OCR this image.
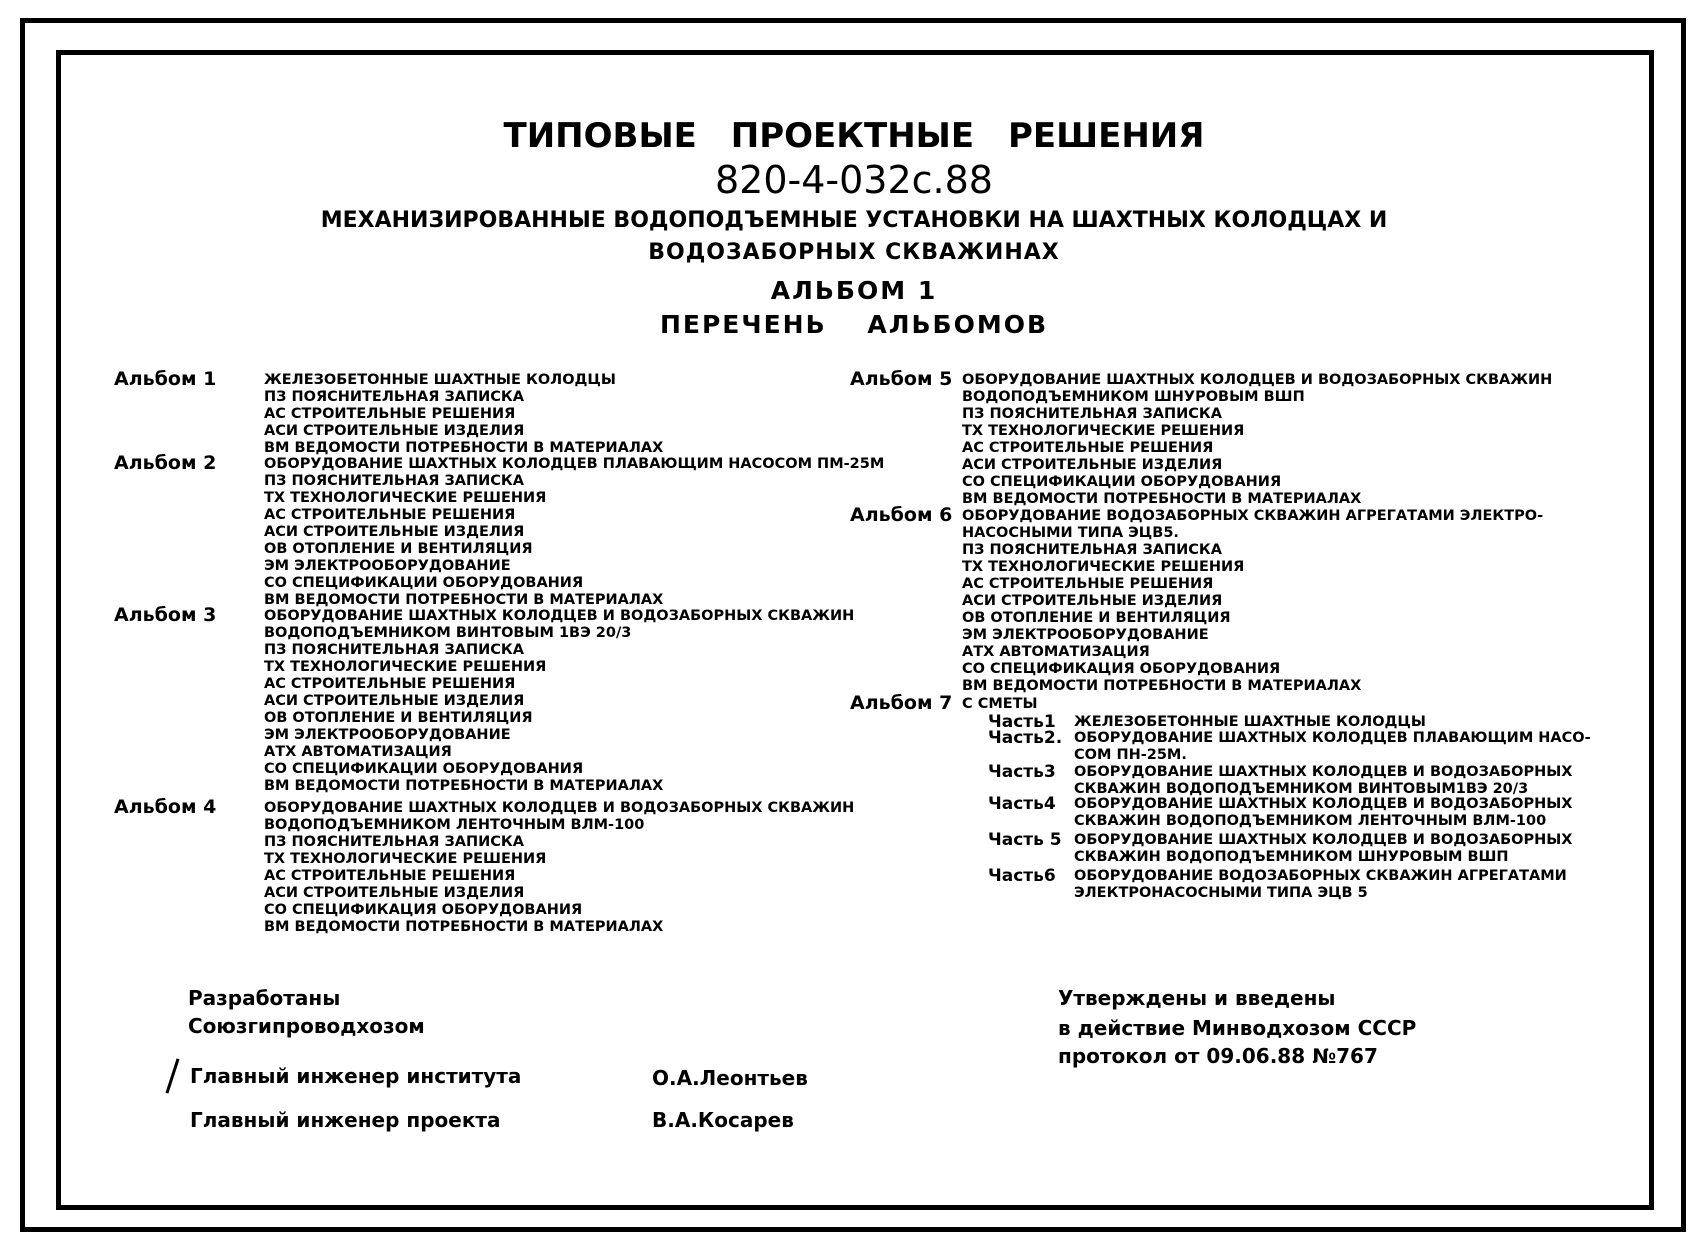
ТИПОВЫЕ ПРОЕКТНЫЕ РЕШЕНИЯ
820-4-032с.88
МЕХАНИЗИРОВАННЫЕ ВОДОПОДЪЕМНЫЕ УСТАНОВКИ НА ШАХТНЫХ КОЛОДЦАХ И
ВОДОЗАБОРНЫХ СКВАЖИНАХ
АЛЬБОМ 1
ПЕРЕЧЕНЬ АЛЬБОМОВ
Альбом 1	ЖЕЛЕЗОБЕТОННЫЕ ШАХТНЫЕ КОЛОДЦЫ
ПЗ ПОЯСНИТЕЛЬНАЯ ЗАПИСКА
АС СТРОИТЕЛЬНЫЕ РЕШЕНИЯ
АСИ СТРОИТЕЛЬНЫЕ ИЗДЕЛИЯ
ВМ ВЕДОМОСТИ ПОТРЕБНОСТИ В МАТЕРИАЛАХ
Альбом 2	ОБОРУДОВАНИЕ ШАХТНЫХ КОЛОДЦЕВ ПЛАВАЮЩИМ НАСОСОМ ПМ-25М
ПЗ ПОЯСНИТЕЛЬНАЯ ЗАПИСКА
ТХ ТЕХНОЛОГИЧЕСКИЕ РЕШЕНИЯ
АС СТРОИТЕЛЬНЫЕ РЕШЕНИЯ
АСИ СТРОИТЕЛЬНЫЕ ИЗДЕЛИЯ
ОВ ОТОПЛЕНИЕ И ВЕНТИЛЯЦИЯ
ЭМ ЭЛЕКТРООБОРУДОВАНИЕ
СО СПЕЦИФИКАЦИИ ОБОРУДОВАНИЯ
ВМ ВЕДОМОСТИ ПОТРЕБНОСТИ В МАТЕРИАЛАХ
Альбом 3	ОБОРУДОВАНИЕ ШАХТНЫХ КОЛОДЦЕВ И ВОДОЗАБОРНЫХ СКВАЖИН
ВОДОПОДЪЕМНИКОМ ВИНТОВЫМ 1ВЭ 20/3
ПЗ ПОЯСНИТЕЛЬНАЯ ЗАПИСКА
ТХ ТЕХНОЛОГИЧЕСКИЕ РЕШЕНИЯ
АС СТРОИТЕЛЬНЫЕ РЕШЕНИЯ
АСИ СТРОИТЕЛЬНЫЕ ИЗДЕЛИЯ
ОВ ОТОПЛЕНИЕ И ВЕНТИЛЯЦИЯ
ЭМ ЭЛЕКТРООБОРУДОВАНИЕ
АТХ АВТОМАТИЗАЦИЯ
СО СПЕЦИФИКАЦИИ ОБОРУДОВАНИЯ
ВМ ВЕДОМОСТИ ПОТРЕБНОСТИ В МАТЕРИАЛАХ
Альбом 4	ОБОРУДОВАНИЕ ШАХТНЫХ КОЛОДЦЕВ И ВОДОЗАБОРНЫХ СКВАЖИН
ВОДОПОДЪЕМНИКОМ ЛЕНТОЧНЫМ ВЛМ-100
ПЗ ПОЯСНИТЕЛЬНАЯ ЗАПИСКА
ТХ ТЕХНОЛОГИЧЕСКИЕ РЕШЕНИЯ
АС СТРОИТЕЛЬНЫЕ РЕШЕНИЯ
АСИ СТРОИТЕЛЬНЫЕ ИЗДЕЛИЯ
СО СПЕЦИФИКАЦИЯ ОБОРУДОВАНИЯ
ВМ ВЕДОМОСТИ ПОТРЕБНОСТИ В МАТЕРИАЛАХ
Альбом 5 ОБОРУДОВАНИЕ ШАХТНЫХ КОЛОДЦЕВ И ВОДОЗАБОРНЫХ СКВАЖИН
ВОДОПОДЪЕМНИКОМ ШНУРОВЫМ ВШП
ПЗ ПОЯСНИТЕЛЬНАЯ ЗАПИСКА
ТХ ТЕХНОЛОГИЧЕСКИЕ РЕШЕНИЯ
АС СТРОИТЕЛЬНЫЕ РЕШЕНИЯ
АСИ СТРОИТЕЛЬНЫЕ ИЗДЕЛИЯ
СО СПЕЦИФИКАЦИИ ОБОРУДОВАНИЯ
ВМ ВЕДОМОСТИ ПОТРЕБНОСТИ В МАТЕРИАЛАХ
Альбом 6 ОБОРУДОВАНИЕ ВОДОЗАБОРНЫХ СКВАЖИН АГРЕГАТАМИ ЭЛЕКТРО-
НАСОСНЫМИ ТИПА ЭЦВ5.
ПЗ ПОЯСНИТЕЛЬНАЯ ЗАПИСКА
ТХ ТЕХНОЛОГИЧЕСКИЕ РЕШЕНИЯ
АС СТРОИТЕЛЬНЫЕ РЕШЕНИЯ
АСИ СТРОИТЕЛЬНЫЕ ИЗДЕЛИЯ
ОВ ОТОПЛЕНИЕ И ВЕНТИЛЯЦИЯ
ЭМ ЭЛЕКТРООБОРУДОВАНИЕ
АТХ АВТОМАТИЗАЦИЯ
СО СПЕЦИФИКАЦИЯ ОБОРУДОВАНИЯ
ВМ ВЕДОМОСТИ ПОТРЕБНОСТИ В МАТЕРИАЛАХ
Альбом 7 С СМЕТЫ
Часть1 ЖЕЛЕЗОБЕТОННЫЕ ШАХТНЫЕ КОЛОДЦЫ
Часть2. ОБОРУДОВАНИЕ ШАХТНЫХ КОЛОДЦЕВ ПЛАВАЮЩИМ НАСО-
СОМ ПН-25М.
Часть3 ОБОРУДОВАНИЕ ШАХТНЫХ КОЛОДЦЕВ И ВОДОЗАБОРНЫХ
СКВАЖИН ВОДОПОДЪЕМНИКОМ ВИНТОВЫМ1ВЭ 20/3
Часть4 ОБОРУДОВАНИЕ ШАХТНЫХ КОЛОДЦЕВ И ВОДОЗАБОРНЫХ
СКВАЖИН ВОДОПОДЪЕМНИКОМ ЛЕНТОЧНЫМ ВЛМ-100
Часть 5 ОБОРУДОВАНИЕ ШАХТНЫХ КОЛОДЦЕВ И ВОДОЗАБОРНЫХ
СКВАЖИН ВОДОПОДЪЕМНИКОМ ШНУРОВЫМ ВШП
Часть6 ОБОРУДОВАНИЕ ВОДОЗАБОРНЫХ СКВАЖИН АГРЕГАТАМИ
ЭЛЕКТРОНАСОСНЫМИ ТИПА ЭЦВ 5
Разработаны
Союзгипроводхозом
Главный инженер института	О.А.Леонтьев
Главный инженер проекта	В.А.Косарев
Утверждены и введены
в действие Минводхозом СССР
протокол от 09.06.88 №767
